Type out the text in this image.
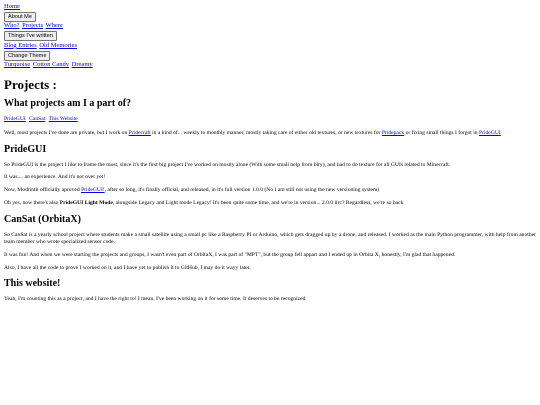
Home
About Me
Who? Projects Where
Things I've written
Blog Entries Old Memories
Change Theme
Turquoise Cotton Candy Dreamy
Projects :
What projects am I a part of?
PrideGUI CanSat This Website

Well, most projects I've done are private, but I work on Pridecraft in a kind of... weekly to monthly manner, mostly taking care of either old textures, or new textures for Pridepack or fixing small things I forgot in PrideGUI

PrideGUI

So PrideGUI is the project I like to frame the most, since it's the first big project I've worked on mostly alone (With some small help from blry), and had to do texture for all GUIs related to Minecraft.

It was.... an experience. And it's not over yet!

Now, Modrinth officially aproved PrideGUI!, after so long, it's finally official, and released, in it's full version 1.0.0 (No I am still not using the new versioning system)

Oh yes, now there's also PrideGUI Light Mode, alongside Legacy and Light mode Legacy! It's been quite some time, and we're in version... 2.0.0 iirc? Regardless, we're so back

CanSat (OrbitaX)

So CanSat is a yearly school project where students make a small satellite using a small pc like a Raspberry PI or Arduino, which gets dragged up by a drone, and released. I worked as the main Python programmer, with help from another team member who wrote specialized sensor code.

It was fun! And when we were starting the projects and groups, I wasn't even part of OrbitaX, I was part of "MPT", but the group fell appart and I ended up in Orbita X, honestly, I'm glad that happened.

Also, I have all the code to prove I worked on it, and I have yet to publish it to GitHub, I may do it wayy later.

This website!

Yeah, I'm counting this as a project, and I have the right to! I mean, I've been working on it for some time. It deserves to be recognized
